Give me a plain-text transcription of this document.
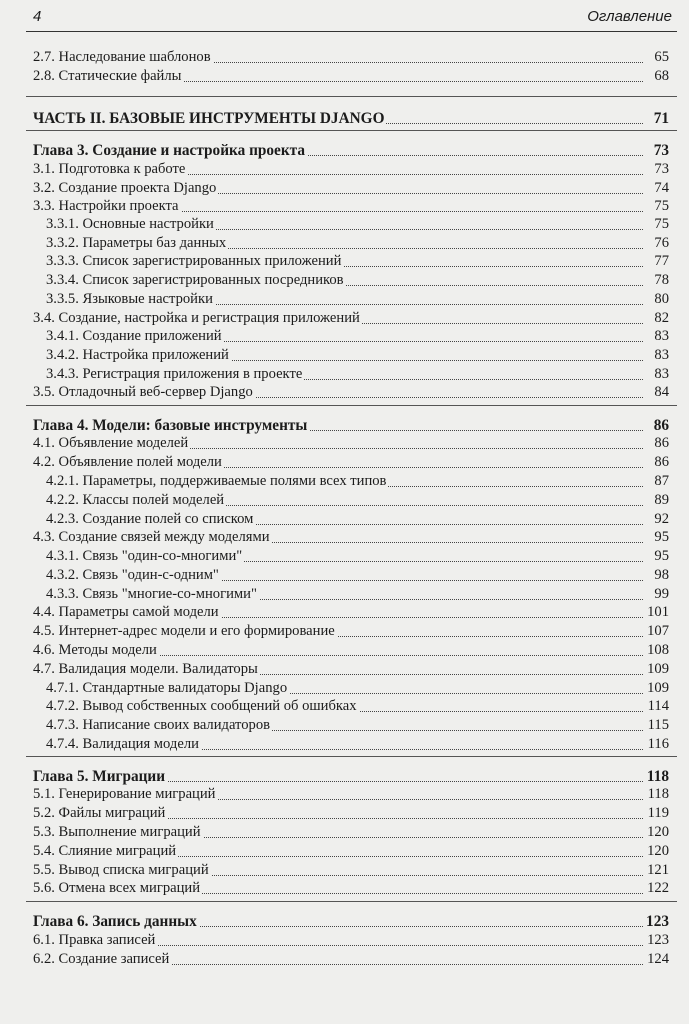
4	Оглавление
2.7. Наследование шаблонов	65
2.8. Статические файлы	68
ЧАСТЬ II. БАЗОВЫЕ ИНСТРУМЕНТЫ DJANGO	71
Глава 3. Создание и настройка проекта	73
3.1. Подготовка к работе	73
3.2. Создание проекта Django	74
3.3. Настройки проекта	75
3.3.1. Основные настройки	75
3.3.2. Параметры баз данных	76
3.3.3. Список зарегистрированных приложений	77
3.3.4. Список зарегистрированных посредников	78
3.3.5. Языковые настройки	80
3.4. Создание, настройка и регистрация приложений	82
3.4.1. Создание приложений	83
3.4.2. Настройка приложений	83
3.4.3. Регистрация приложения в проекте	83
3.5. Отладочный веб-сервер Django	84
Глава 4. Модели: базовые инструменты	86
4.1. Объявление моделей	86
4.2. Объявление полей модели	86
4.2.1. Параметры, поддерживаемые полями всех типов	87
4.2.2. Классы полей моделей	89
4.2.3. Создание полей со списком	92
4.3. Создание связей между моделями	95
4.3.1. Связь "один-со-многими"	95
4.3.2. Связь "один-с-одним"	98
4.3.3. Связь "многие-со-многими"	99
4.4. Параметры самой модели	101
4.5. Интернет-адрес модели и его формирование	107
4.6. Методы модели	108
4.7. Валидация модели. Валидаторы	109
4.7.1. Стандартные валидаторы Django	109
4.7.2. Вывод собственных сообщений об ошибках	114
4.7.3. Написание своих валидаторов	115
4.7.4. Валидация модели	116
Глава 5. Миграции	118
5.1. Генерирование миграций	118
5.2. Файлы миграций	119
5.3. Выполнение миграций	120
5.4. Слияние миграций	120
5.5. Вывод списка миграций	121
5.6. Отмена всех миграций	122
Глава 6. Запись данных	123
6.1. Правка записей	123
6.2. Создание записей	124
